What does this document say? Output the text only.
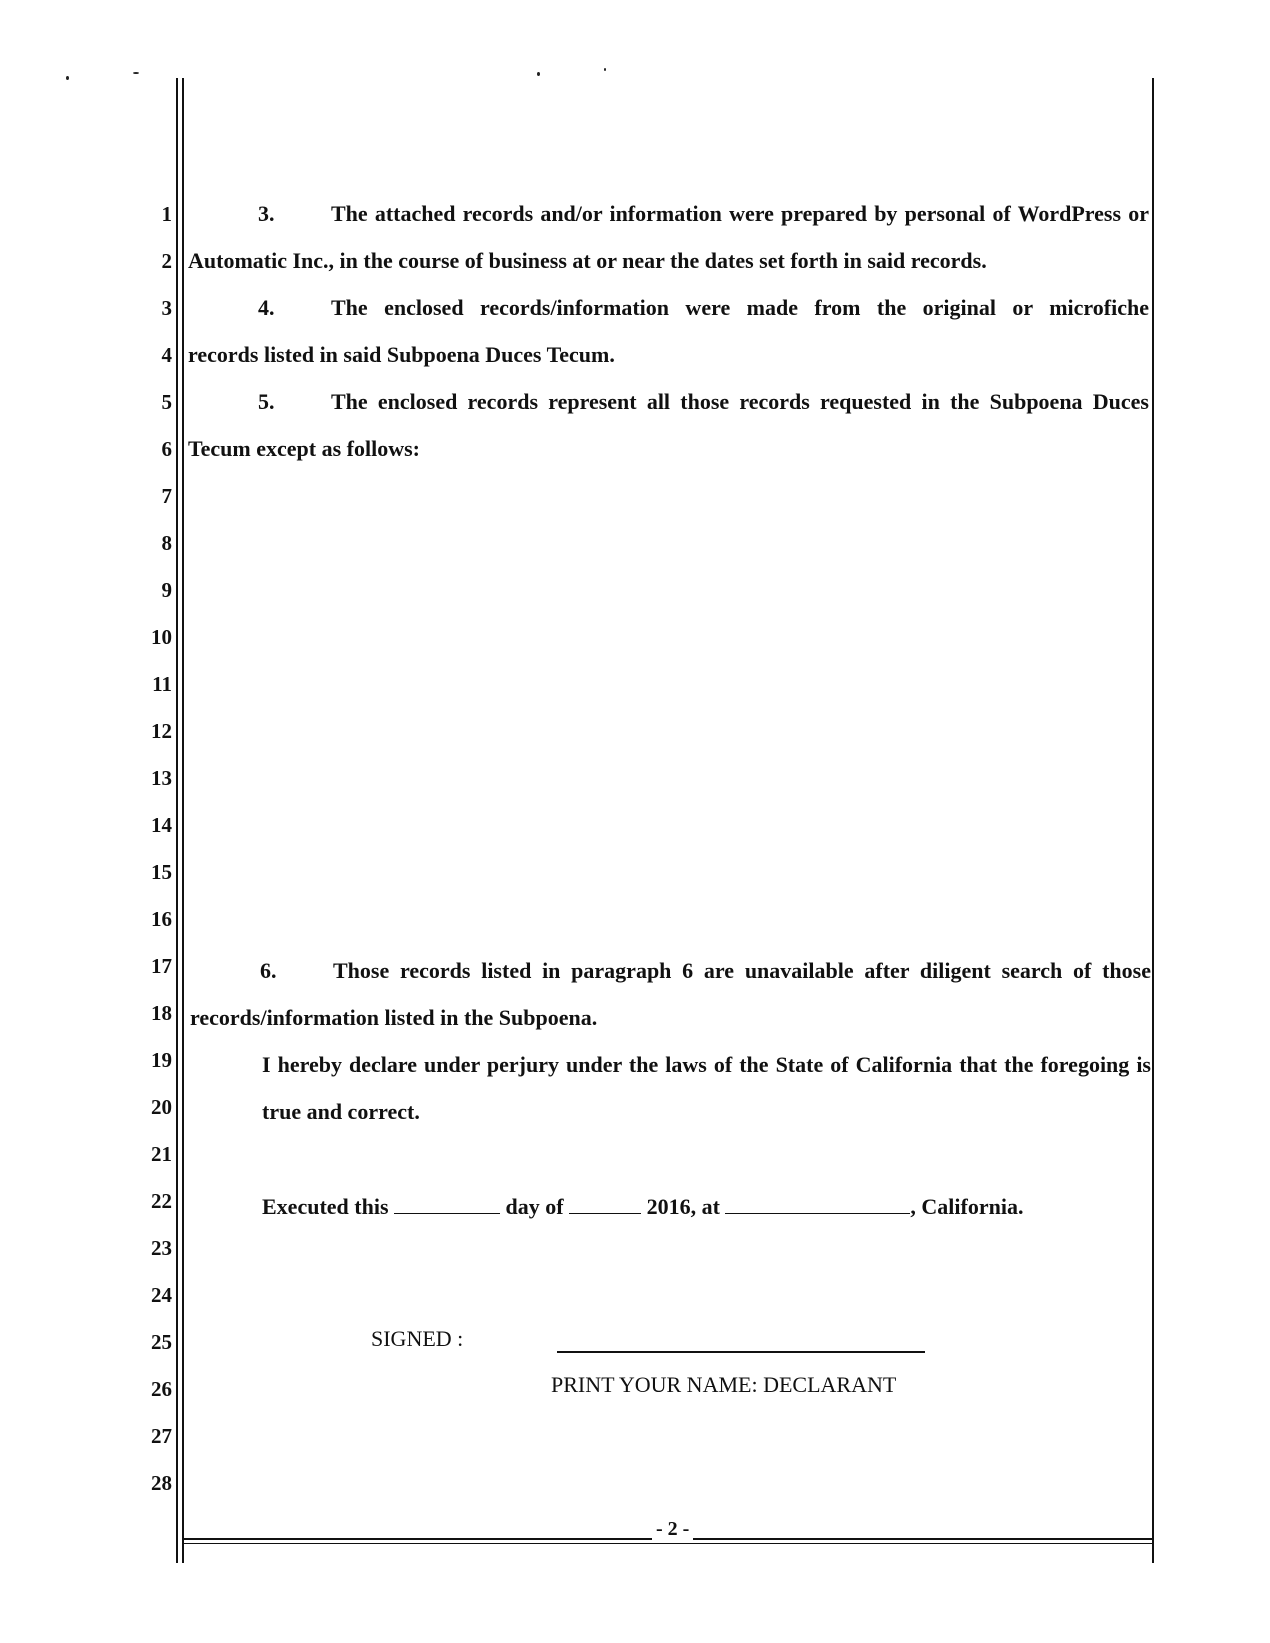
1
2
3
4
5
6
7
8
9
10
11
12
13
14
15
16
17
18
19
20
21
22
23
24
25
26
27
28
3.	The attached records and/or information were prepared by personal of WordPress or
Automatic Inc., in the course of business at or near the dates set forth in said records.
4.	The enclosed records/information were made from the original or microfiche
records listed in said Subpoena Duces Tecum.
5.	The enclosed records represent all those records requested in the Subpoena Duces
Tecum except as follows:
6.	Those records listed in paragraph 6 are unavailable after diligent search of those
records/information listed in the Subpoena.
I hereby declare under perjury under the laws of the State of California that the foregoing is
true and correct.
Executed this	day of	2016, at	, California.
SIGNED :
PRINT YOUR NAME: DECLARANT
- 2 -
